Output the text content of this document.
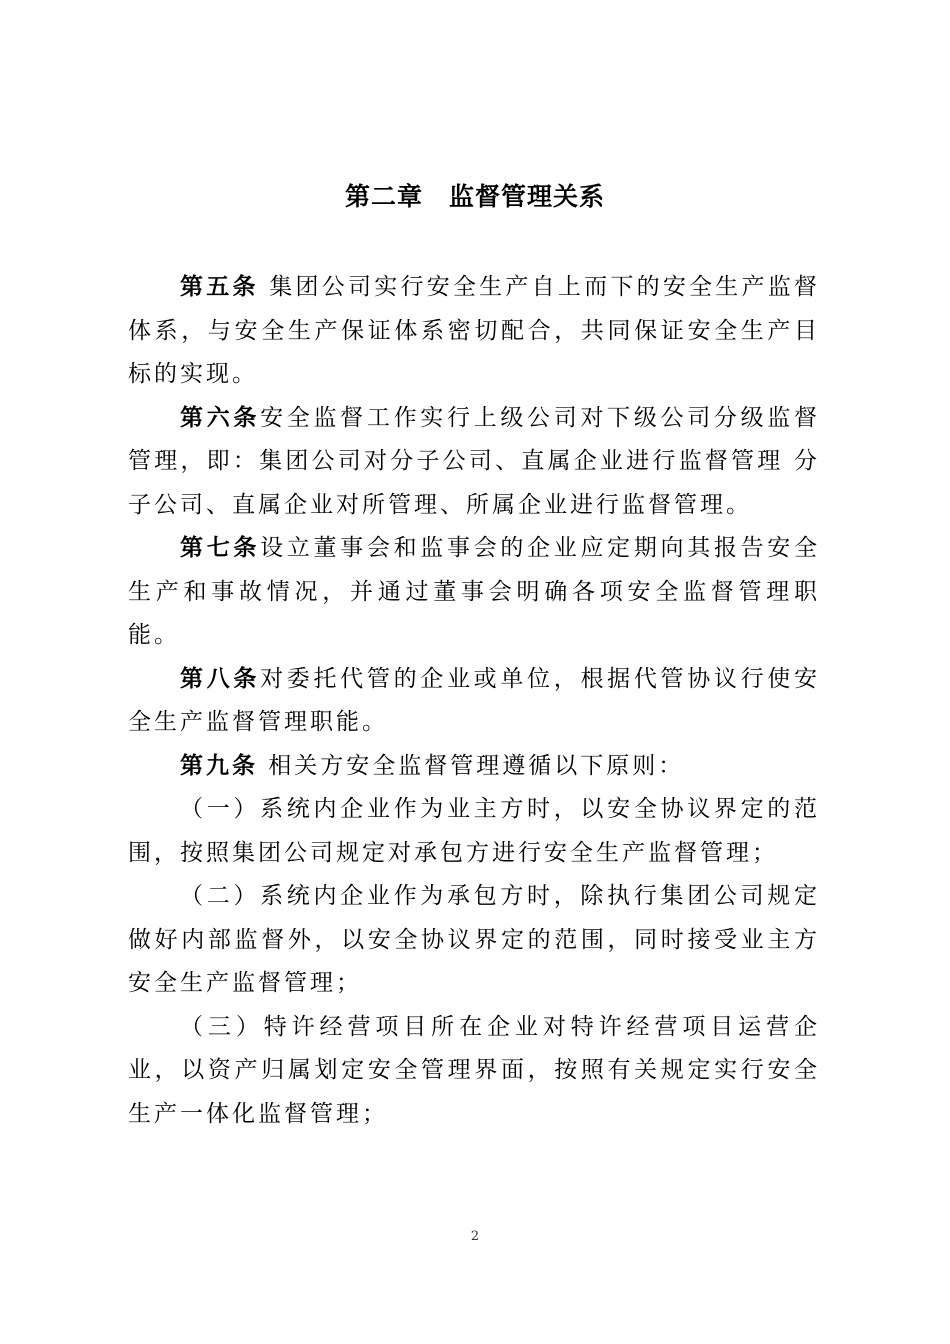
第二章　监督管理关系

第五条 集团公司实行安全生产自上而下的安全生产监督体系，与安全生产保证体系密切配合，共同保证安全生产目标的实现。

第六条安全监督工作实行上级公司对下级公司分级监督管理，即：集团公司对分子公司、直属企业进行监督管理 分子公司、直属企业对所管理、所属企业进行监督管理。

第七条设立董事会和监事会的企业应定期向其报告安全生产和事故情况，并通过董事会明确各项安全监督管理职能。

第八条对委托代管的企业或单位，根据代管协议行使安全生产监督管理职能。

第九条 相关方安全监督管理遵循以下原则：

（一）系统内企业作为业主方时，以安全协议界定的范围，按照集团公司规定对承包方进行安全生产监督管理；

（二）系统内企业作为承包方时，除执行集团公司规定做好内部监督外，以安全协议界定的范围，同时接受业主方安全生产监督管理；

（三）特许经营项目所在企业对特许经营项目运营企业，以资产归属划定安全管理界面，按照有关规定实行安全生产一体化监督管理；

2
